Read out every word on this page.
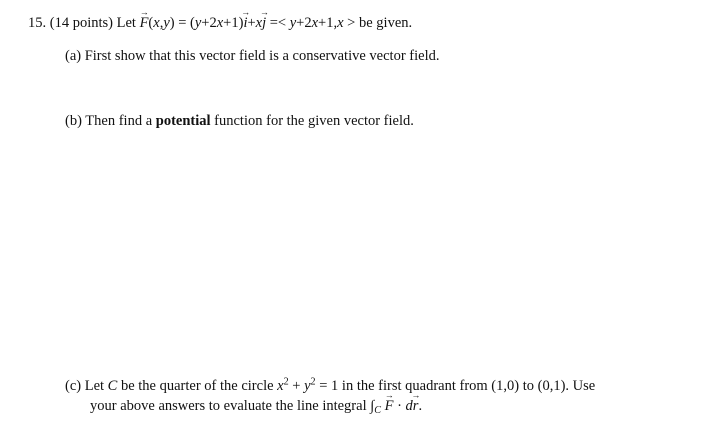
15. (14 points) Let → F(x,y) = (y+2x+1)→ i+x→ j =< y+2x+1,x > be given.
(a) First show that this vector field is a conservative vector field.
(b) Then find a potential function for the given vector field.
(c) Let C be the quarter of the circle $x^2 + y^2 = 1$ in the first quadrant from (1,0) to (0,1). Use
your above answers to evaluate the line integral $\int_C \to F \cdot d\to r$.
